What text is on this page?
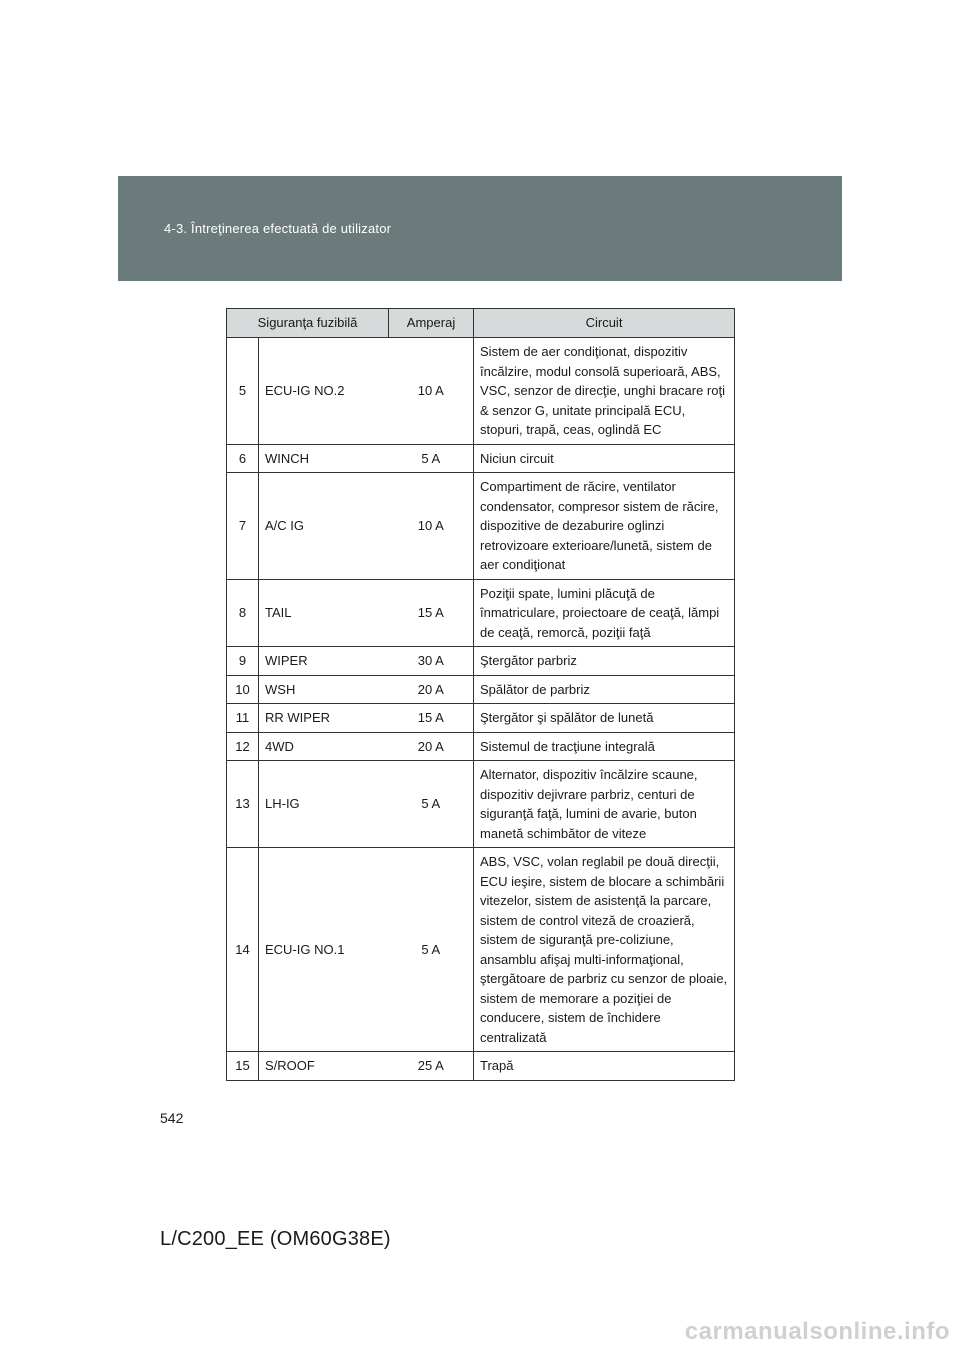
4-3. Întreţinerea efectuată de utilizator
Siguranţa fuzibilă		Amperaj	Circuit
5	ECU-IG NO.2	10 A	Sistem de aer condiţionat, dispozitiv încălzire, modul consolă superioară, ABS, VSC, senzor de direcţie, unghi bracare roţi & senzor G, unitate principală ECU, stopuri, trapă, ceas, oglindă EC
6	WINCH	5 A	Niciun circuit
7	A/C IG	10 A	Compartiment de răcire, ventilator condensator, compresor sistem de răcire, dispozitive de dezaburire oglinzi retrovizoare exterioare/lunetă, sistem de aer condiţionat
8	TAIL	15 A	Poziţii spate, lumini plăcuţă de înmatriculare, proiectoare de ceaţă, lămpi de ceaţă, remorcă, poziţii faţă
9	WIPER	30 A	Ştergător parbriz
10	WSH	20 A	Spălător de parbriz
11	RR WIPER	15 A	Ştergător şi spălător de lunetă
12	4WD	20 A	Sistemul de tracţiune integrală
13	LH-IG	5 A	Alternator, dispozitiv încălzire scaune, dispozitiv dejivrare parbriz, centuri de siguranţă faţă, lumini de avarie, buton manetă schimbător de viteze
14	ECU-IG NO.1	5 A	ABS, VSC, volan reglabil pe două direcţii, ECU ieşire, sistem de blocare a schimbării vitezelor, sistem de asistenţă la parcare, sistem de control viteză de croazieră, sistem de siguranţă pre-coliziune, ansamblu afişaj multi-informaţional, ştergătoare de parbriz cu senzor de ploaie, sistem de memorare a poziţiei de conducere, sistem de închidere centralizată
15	S/ROOF	25 A	Trapă
542
L/C200_EE (OM60G38E)
carmanualsonline.info
